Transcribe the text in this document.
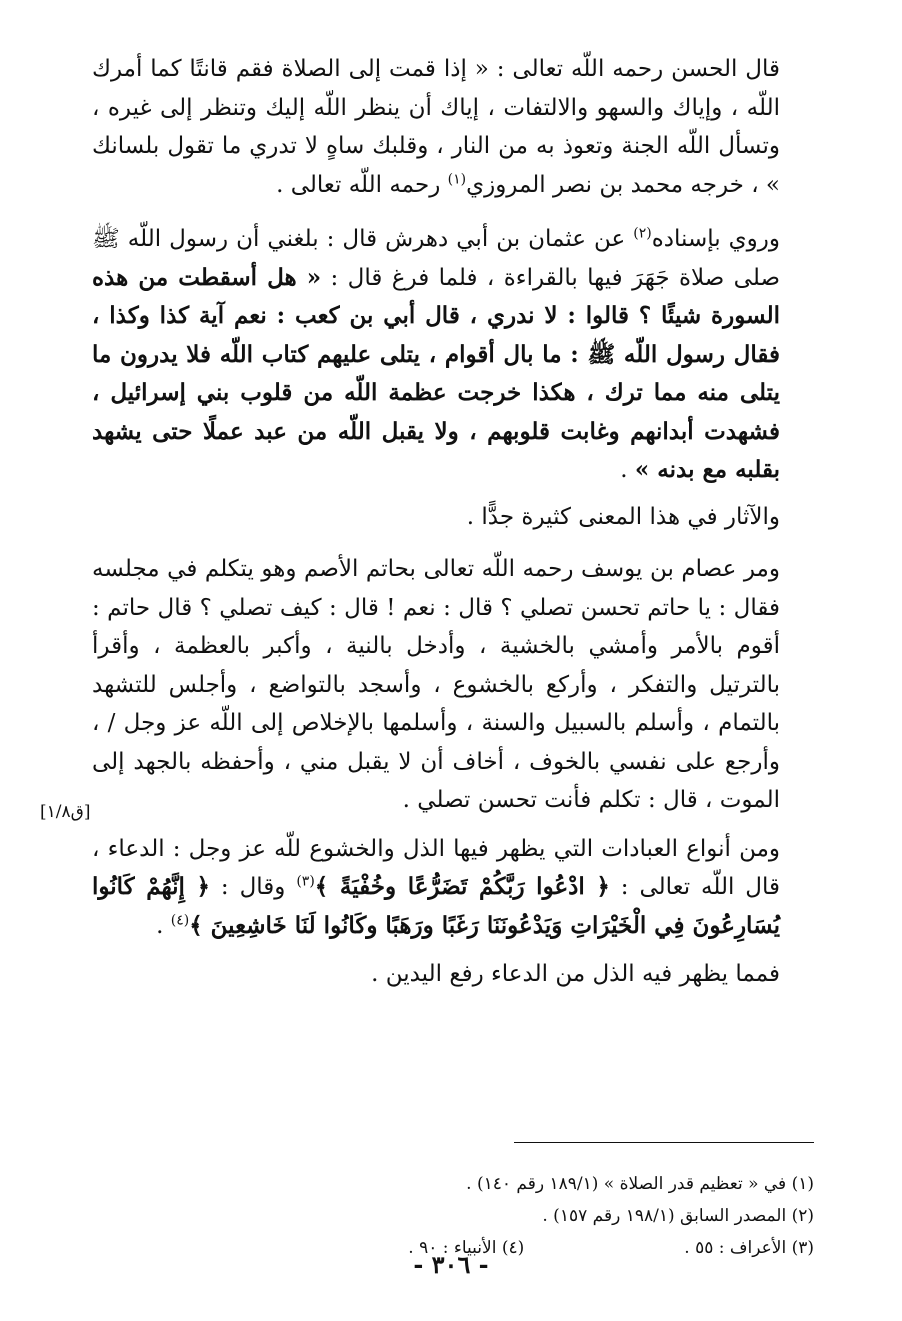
قال الحسن رحمه اللّه تعالى : « إذا قمت إلى الصلاة فقم قانتًا كما أمرك اللّه ، وإياك والسهو والالتفات ، إياك أن ينظر اللّه إليك وتنظر إلى غيره ، وتسأل اللّه الجنة وتعوذ به من النار ، وقلبك ساهٍ لا تدري ما تقول بلسانك » ، خرجه محمد بن نصر المروزي$^{(١)}$ رحمه اللّه تعالى .

وروي بإسناده$^{(٢)}$ عن عثمان بن أبي دهرش قال : بلغني أن رسول اللّه ﷺ صلى صلاة جَهَرَ فيها بالقراءة ، فلما فرغ قال : « هل أسقطت من هذه السورة شيئًا ؟ قالوا : لا ندري ، قال أبي بن كعب : نعم آية كذا وكذا ، فقال رسول اللّه ﷺ : ما بال أقوام ، يتلى عليهم كتاب اللّه فلا يدرون ما يتلى منه مما ترك ، هكذا خرجت عظمة اللّه من قلوب بني إسرائيل ، فشهدت أبدانهم وغابت قلوبهم ، ولا يقبل اللّه من عبد عملًا حتى يشهد بقلبه مع بدنه » .

والآثار في هذا المعنى كثيرة جدًّا .

ومر عصام بن يوسف رحمه اللّه تعالى بحاتم الأصم وهو يتكلم في مجلسه فقال : يا حاتم تحسن تصلي ؟ قال : نعم ! قال : كيف تصلي ؟ قال حاتم : أقوم بالأمر وأمشي بالخشية ، وأدخل بالنية ، وأكبر بالعظمة ، وأقرأ بالترتيل والتفكر ، وأركع بالخشوع ، وأسجد بالتواضع ، وأجلس للتشهد بالتمام ، وأسلم بالسبيل والسنة ، وأسلمها بالإخلاص إلى اللّه عز وجل / ، وأرجع على نفسي بالخوف ، أخاف أن لا يقبل مني ، وأحفظه بالجهد إلى الموت ، قال : تكلم فأنت تحسن تصلي .

ومن أنواع العبادات التي يظهر فيها الذل والخشوع للّه عز وجل : الدعاء ، قال اللّه تعالى : ﴿ ادْعُوا رَبَّكُمْ تَضَرُّعًا وخُفْيَةً ﴾$^{(٣)}$ وقال : ﴿ إِنَّهُمْ كَانُوا يُسَارِعُونَ فِي الْخَيْرَاتِ وَيَدْعُونَنَا رَغَبًا ورَهَبًا وكَانُوا لَنَا خَاشِعِينَ ﴾$^{(٤)}$ .

فمما يظهر فيه الذل من الدعاء رفع اليدين .

[ق١/٨]
(١) في « تعظيم قدر الصلاة » (١٨٩/١ رقم ١٤٠) .
(٢) المصدر السابق (١٩٨/١ رقم ١٥٧) .
(٣) الأعراف : ٥٥ .(٤) الأنبياء : ٩٠ .
- ٣٠٦ -
